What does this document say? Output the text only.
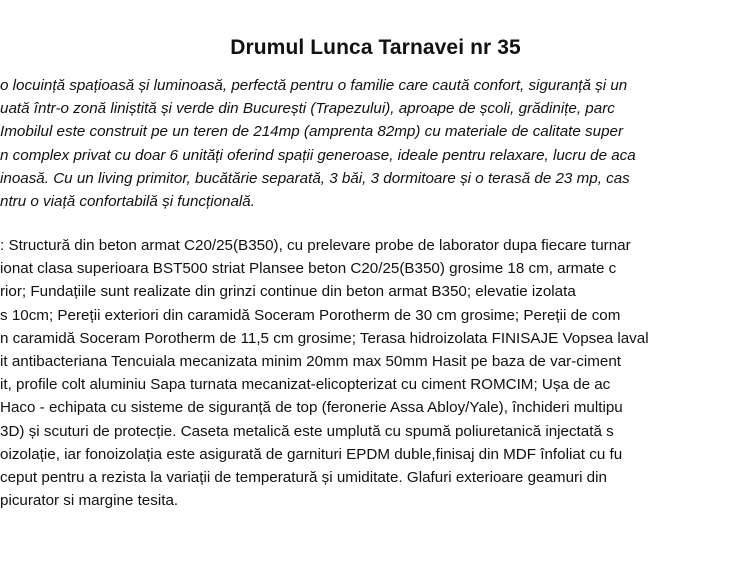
Drumul Lunca Tarnavei nr 35
o locuință spațioasă și luminoasă, perfectă pentru o familie care caută confort, siguranță și un
uată într-o zonă liniștită și verde din București (Trapezului), aproape de școli, grădinițe, parc
Imobilul este construit pe un teren de 214mp (amprenta 82mp) cu materiale de calitate super
n complex privat cu doar 6 unități oferind spații generoase, ideale pentru relaxare, lucru de aca
inoasă. Cu un living primitor, bucătărie separată, 3 băi, 3 dormitoare și o terasă de 23 mp, cas
ntru o viață confortabilă și funcțională.
: Structură din beton armat C20/25(B350), cu prelevare probe de laborator dupa fiecare turnar
ionat clasa superioara BST500 striat Plansee beton C20/25(B350) grosime 18 cm, armate c
rior; Fundațiile sunt realizate din grinzi continue din beton armat B350; elevatie izolata
s 10cm; Pereții exteriori din caramidă Soceram Porotherm de 30 cm grosime; Pereții de com
n caramidă Soceram Porotherm de 11,5 cm grosime; Terasa hidroizolata FINISAJE Vopsea laval
it antibacteriana Tencuiala mecanizata minim 20mm max 50mm Hasit pe baza de var-ciment
it, profile colt aluminiu Sapa turnata mecanizat-elicopterizat cu ciment ROMCIM; Ușa de ac
Haco - echipata cu sisteme de siguranță de top (feronerie Assa Abloy/Yale), închideri multipu
3D) și scuturi de protecție. Caseta metalică este umplută cu spumă poliuretanică injectată s
oizolație, iar fonoizolația este asigurată de garnituri EPDM duble,finisaj din MDF înfoliat cu fu
ceput pentru a rezista la variații de temperatură și umiditate. Glafuri exterioare geamuri din
picurator si margine tesita.
